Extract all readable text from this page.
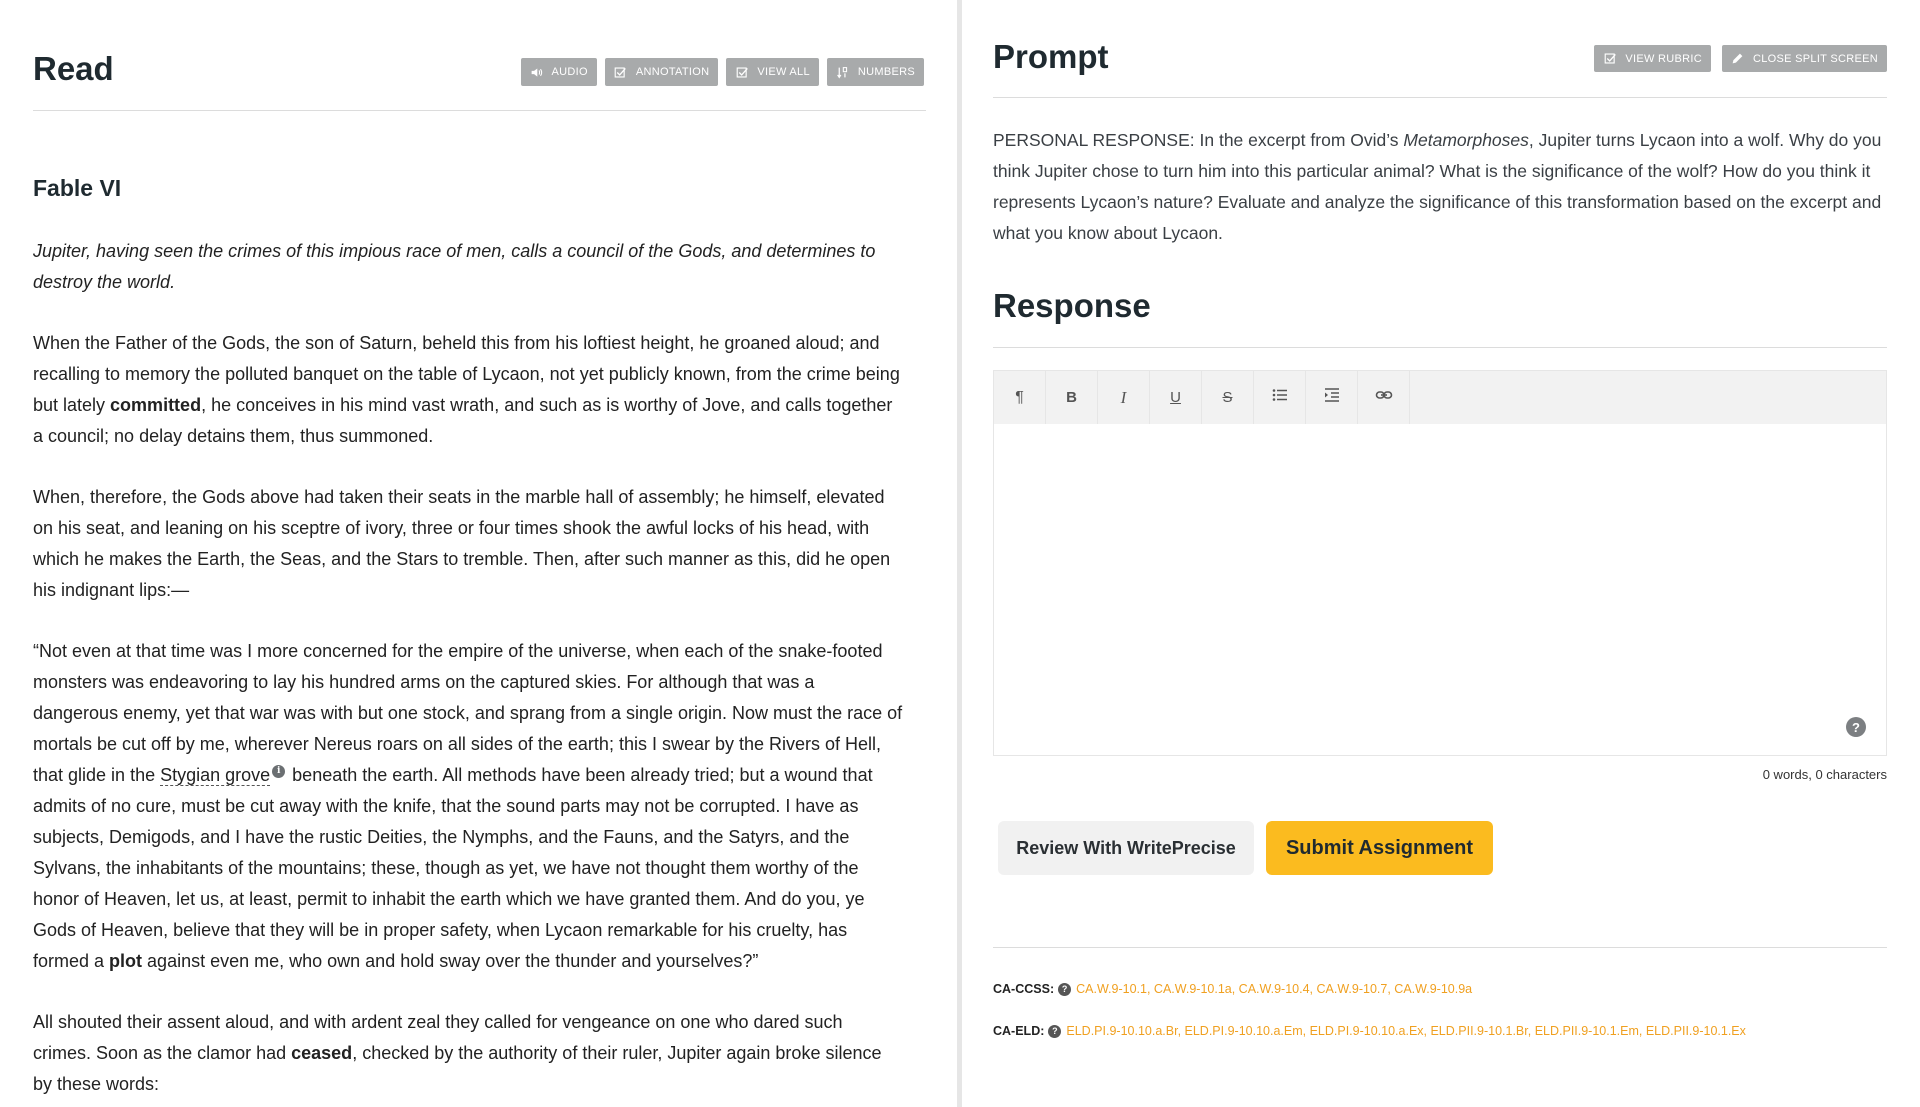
Read	AUDIO	ANNOTATION	VIEW ALL	NUMBERS
Fable VI

Jupiter, having seen the crimes of this impious race of men, calls a council of the Gods, and determines to destroy the world.

When the Father of the Gods, the son of Saturn, beheld this from his loftiest height, he groaned aloud; and recalling to memory the polluted banquet on the table of Lycaon, not yet publicly known, from the crime being but lately committed, he conceives in his mind vast wrath, and such as is worthy of Jove, and calls together a council; no delay detains them, thus summoned.

When, therefore, the Gods above had taken their seats in the marble hall of assembly; he himself, elevated on his seat, and leaning on his sceptre of ivory, three or four times shook the awful locks of his head, with which he makes the Earth, the Seas, and the Stars to tremble. Then, after such manner as this, did he open his indignant lips:—

“Not even at that time was I more concerned for the empire of the universe, when each of the snake-footed monsters was endeavoring to lay his hundred arms on the captured skies. For although that was a dangerous enemy, yet that war was with but one stock, and sprang from a single origin. Now must the race of mortals be cut off by me, wherever Nereus roars on all sides of the earth; this I swear by the Rivers of Hell, that glide in the Stygian grove i beneath the earth. All methods have been already tried; but a wound that admits of no cure, must be cut away with the knife, that the sound parts may not be corrupted. I have as subjects, Demigods, and I have the rustic Deities, the Nymphs, and the Fauns, and the Satyrs, and the Sylvans, the inhabitants of the mountains; these, though as yet, we have not thought them worthy of the honor of Heaven, let us, at least, permit to inhabit the earth which we have granted them. And do you, ye Gods of Heaven, believe that they will be in proper safety, when Lycaon remarkable for his cruelty, has formed a plot against even me, who own and hold sway over the thunder and yourselves?”

All shouted their assent aloud, and with ardent zeal they called for vengeance on one who dared such crimes. Soon as the clamor had ceased, checked by the authority of their ruler, Jupiter again broke silence by these words:

Prompt	VIEW RUBRIC	CLOSE SPLIT SCREEN
PERSONAL RESPONSE: In the excerpt from Ovid’s Metamorphoses, Jupiter turns Lycaon into a wolf. Why do you think Jupiter chose to turn him into this particular animal? What is the significance of the wolf? How do you think it represents Lycaon’s nature? Evaluate and analyze the significance of this transformation based on the excerpt and what you know about Lycaon.
Response
¶	B	I	U	S
?
0 words, 0 characters
Review With WritePrecise	Submit Assignment
CA-CCSS: ? CA.W.9-10.1, CA.W.9-10.1a, CA.W.9-10.4, CA.W.9-10.7, CA.W.9-10.9a
CA-ELD: ? ELD.PI.9-10.10.a.Br, ELD.PI.9-10.10.a.Em, ELD.PI.9-10.10.a.Ex, ELD.PII.9-10.1.Br, ELD.PII.9-10.1.Em, ELD.PII.9-10.1.Ex
